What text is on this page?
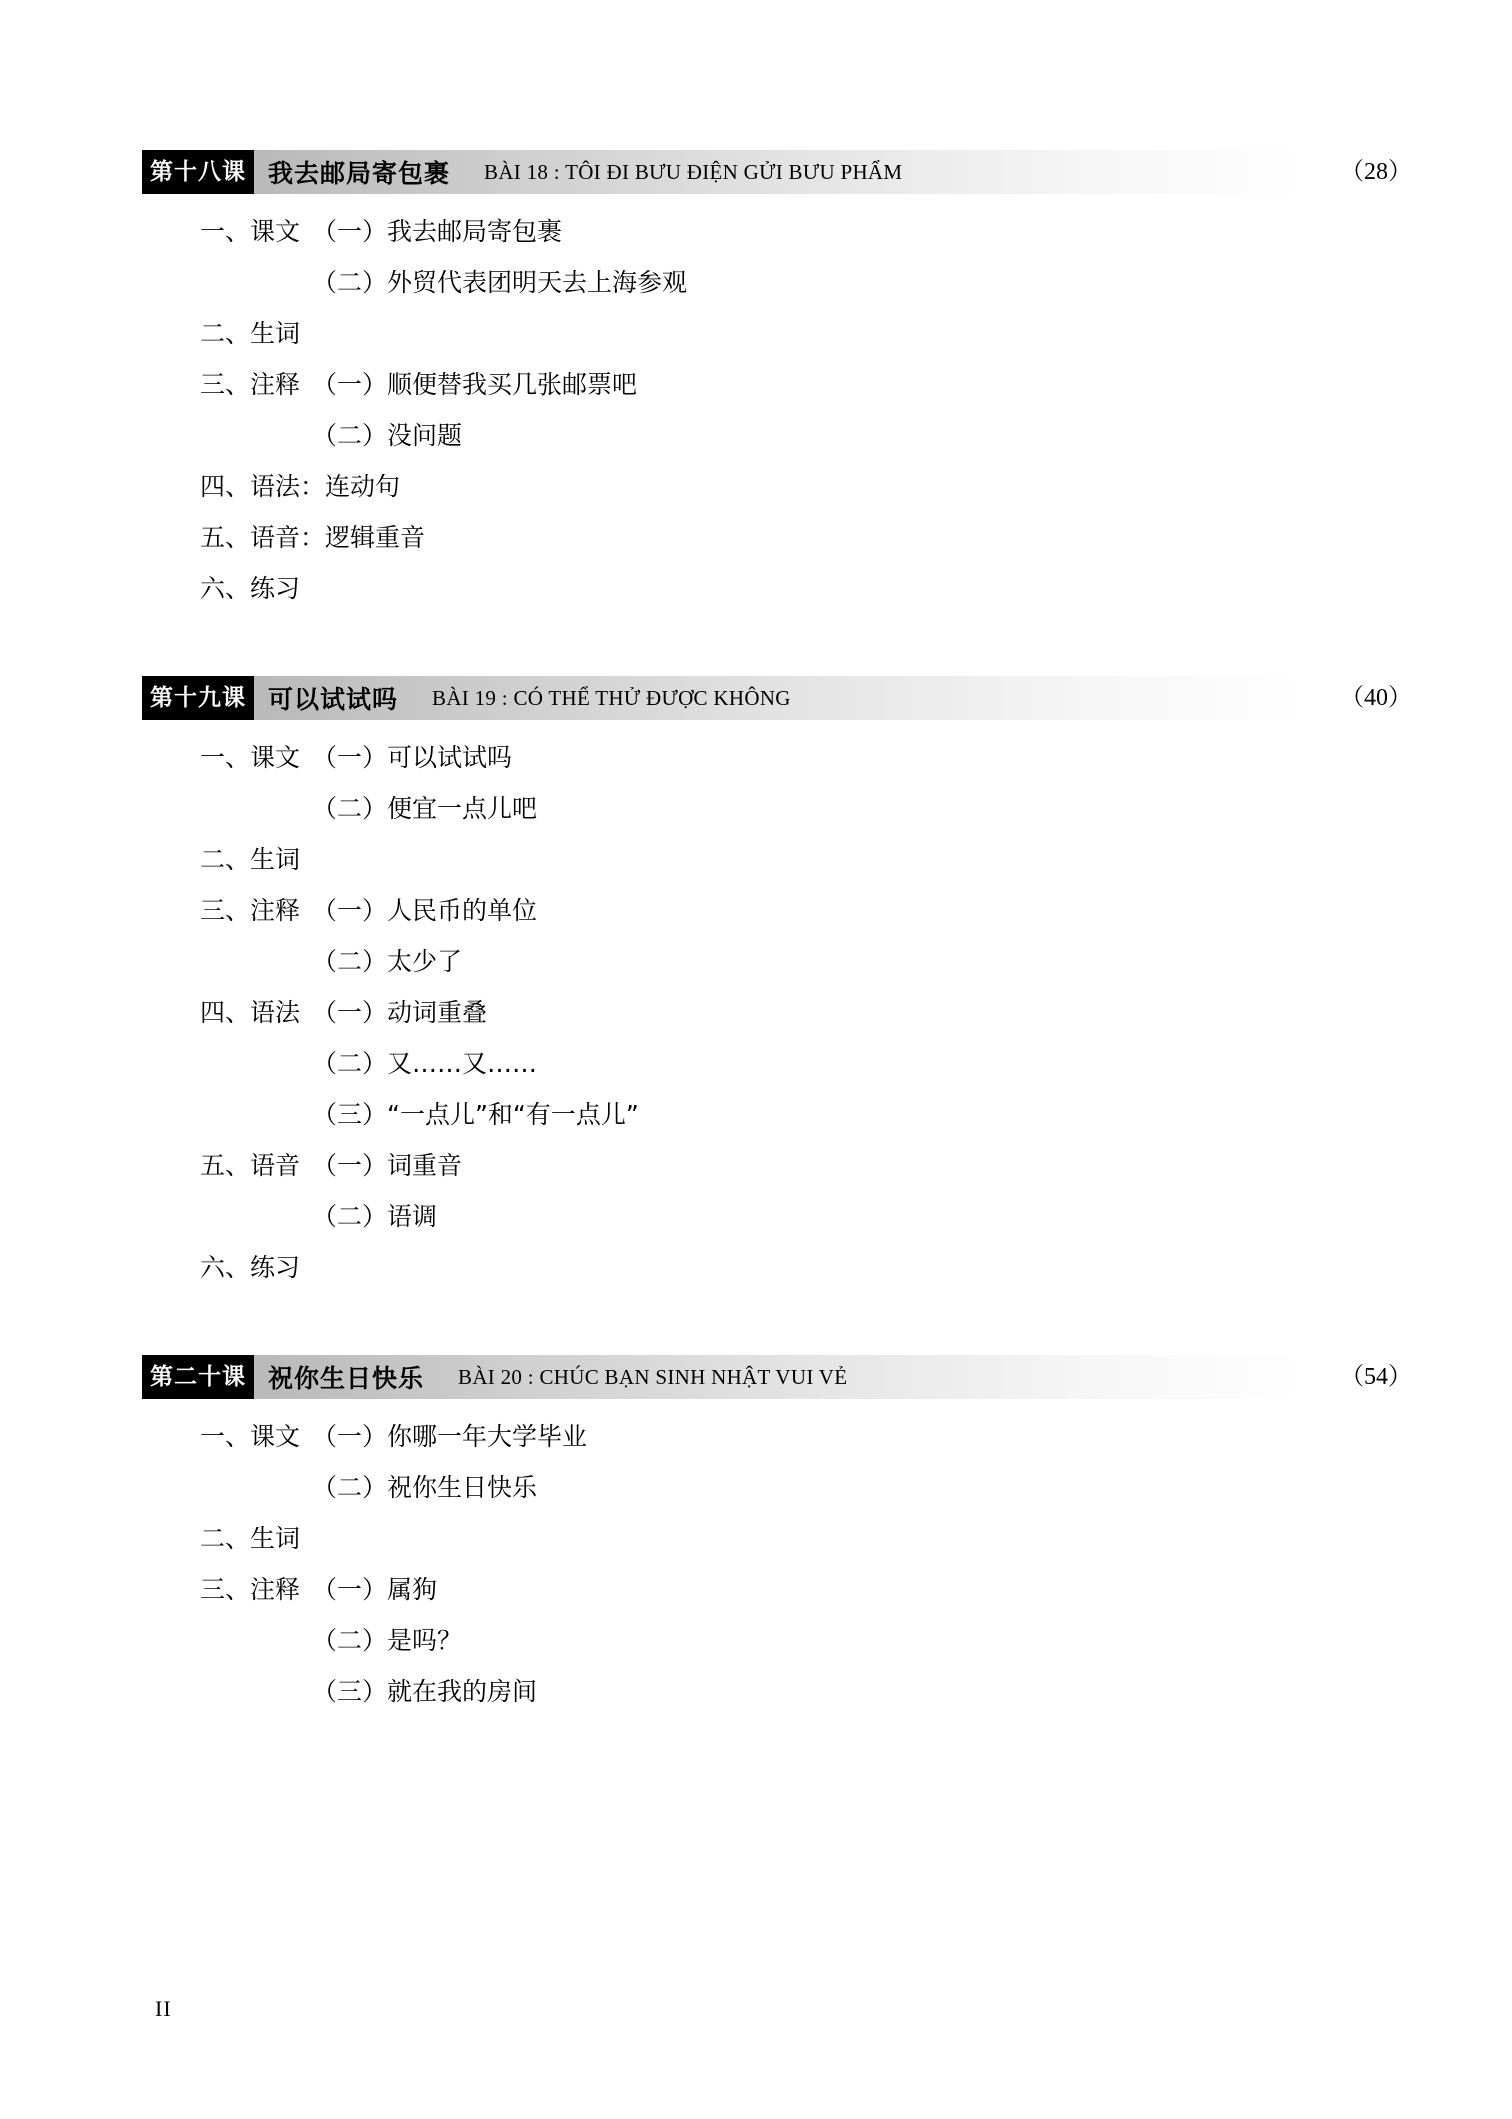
第十八课 我去邮局寄包裹 BÀI 18 : TÔI ĐI BƯU ĐIỆN GỬI BƯU PHẨM	（28）
一、课文 （一）我去邮局寄包裹
（二）外贸代表团明天去上海参观
二、生词
三、注释 （一）顺便替我买几张邮票吧
（二）没问题
四、语法：连动句
五、语音：逻辑重音
六、练习
第十九课 可以试试吗 BÀI 19 : CÓ THỂ THỬ ĐƯỢC KHÔNG	（40）
一、课文 （一）可以试试吗
（二）便宜一点儿吧
二、生词
三、注释 （一）人民币的单位
（二）太少了
四、语法 （一）动词重叠
（二）又……又……
（三）“一点儿”和“有一点儿”
五、语音 （一）词重音
（二）语调
六、练习
第二十课 祝你生日快乐 BÀI 20 : CHÚC BẠN SINH NHẬT VUI VẺ	（54）
一、课文 （一）你哪一年大学毕业
（二）祝你生日快乐
二、生词
三、注释 （一）属狗
（二）是吗？
（三）就在我的房间
II
